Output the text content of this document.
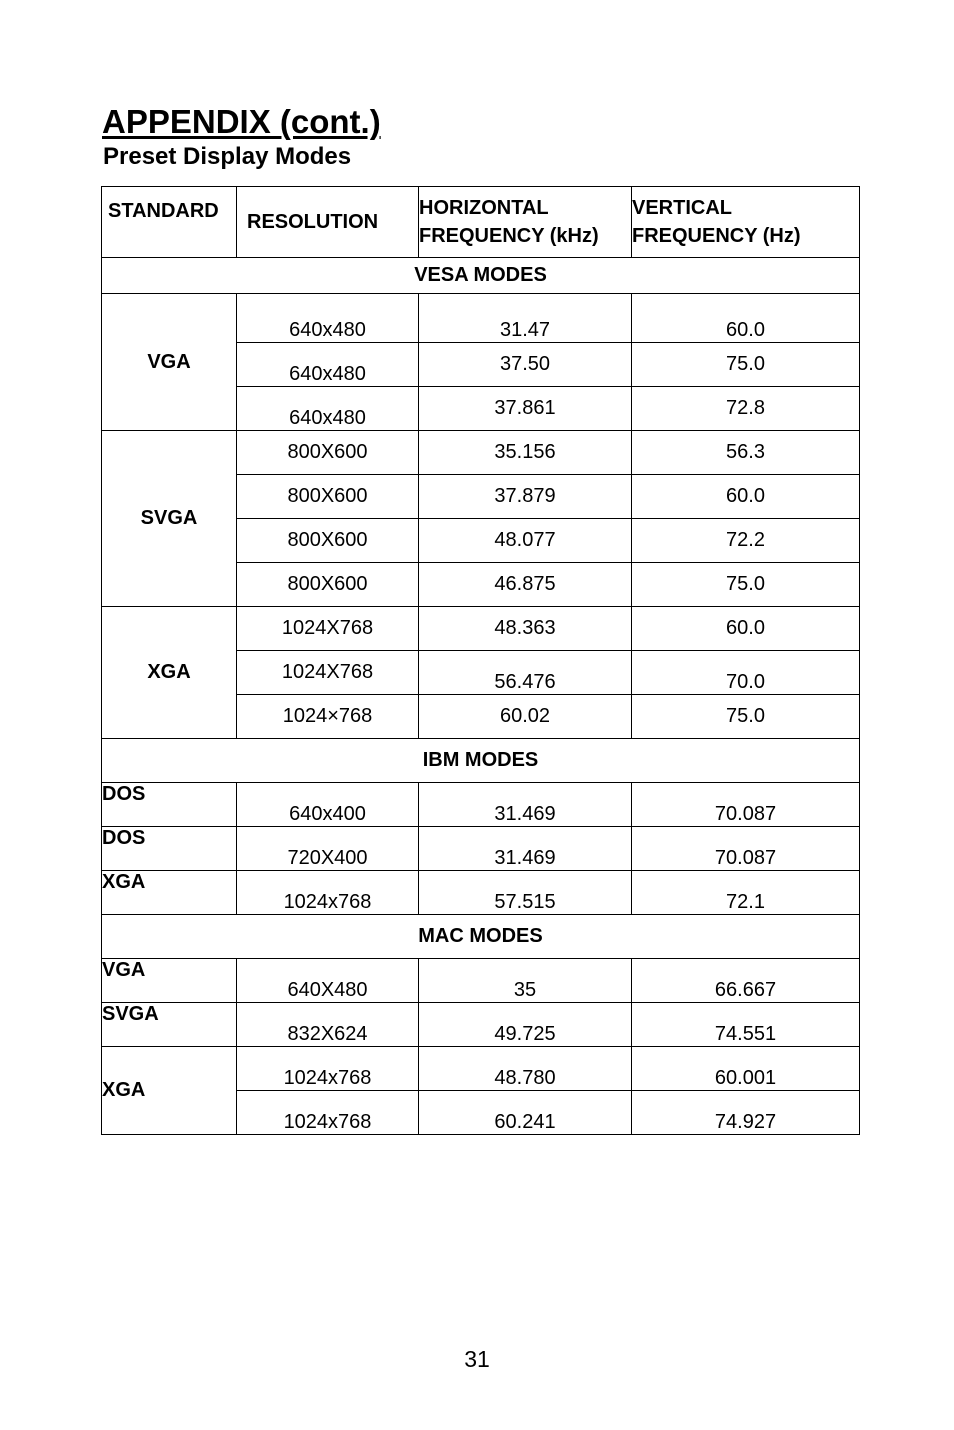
APPENDIX (cont.)
Preset Display Modes
STANDARD	RESOLUTION	HORIZONTAL FREQUENCY (kHz)	VERTICAL FREQUENCY (Hz)
VESA MODES			
VGA	640x480	31.47	60.0
	640x480	37.50	75.0
	640x480	37.861	72.8
SVGA	800X600	35.156	56.3
	800X600	37.879	60.0
	800X600	48.077	72.2
	800X600	46.875	75.0
XGA	1024X768	48.363	60.0
	1024X768	56.476	70.0
	1024×768	60.02	75.0
IBM MODES			
DOS	640x400	31.469	70.087
DOS	720X400	31.469	70.087
XGA	1024x768	57.515	72.1
MAC MODES			
VGA	640X480	35	66.667
SVGA	832X624	49.725	74.551
XGA	1024x768	48.780	60.001
	1024x768	60.241	74.927
31
